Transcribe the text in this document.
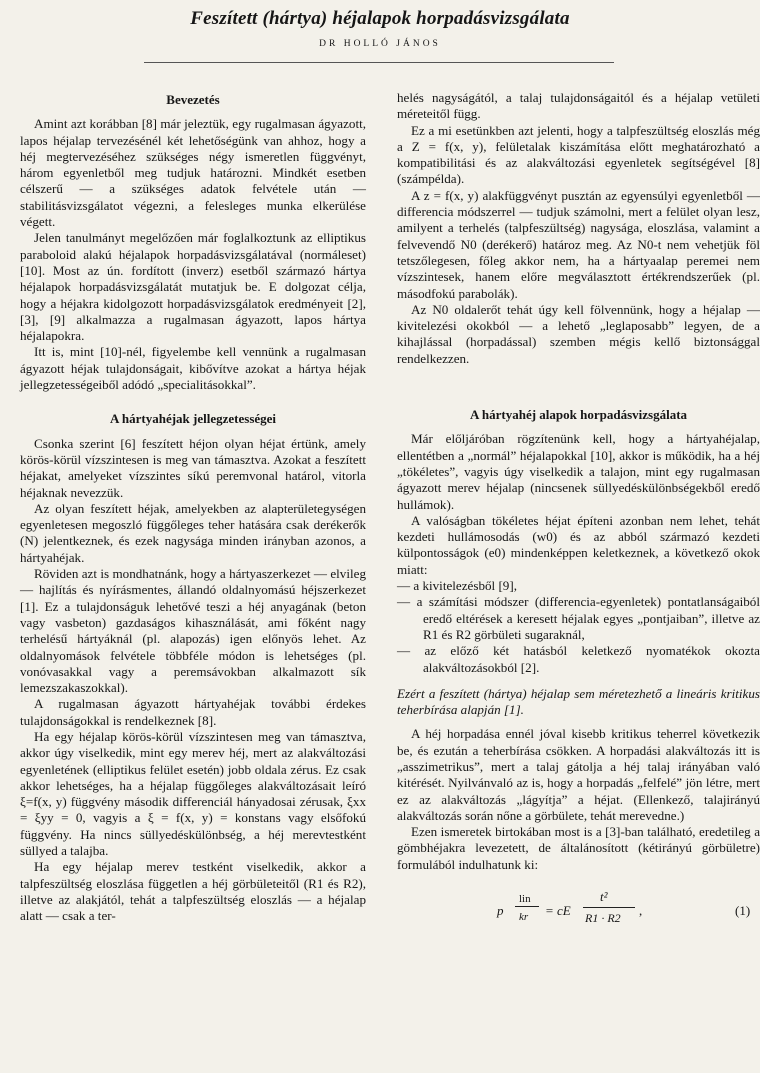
Feszített (hártya) héjalapok horpadásvizsgálata
DR HOLLÓ JÁNOS
Bevezetés

Amint azt korábban [8] már jeleztük, egy rugalmasan ágyazott, lapos héjalap tervezésénél két lehetőségünk van ahhoz, hogy a héj megtervezéséhez szükséges négy ismeretlen függvényt, három egyenletből meg tudjuk határozni. Mindkét esetben célszerű — a szükséges adatok felvétele után — stabilitásvizsgálatot végezni, a felesleges munka elkerülése végett.

Jelen tanulmányt megelőzően már foglalkoztunk az elliptikus paraboloid alakú héjalapok horpadásvizsgálatával (normáleset) [10]. Most az ún. fordított (inverz) esetből származó hártya héjalapok horpadásvizsgálatát mutatjuk be. E dolgozat célja, hogy a héjakra kidolgozott horpadásvizsgálatok eredményeit [2], [3], [9] alkalmazza a rugalmasan ágyazott, lapos hártya héjalapokra.

Itt is, mint [10]-nél, figyelembe kell vennünk a rugalmasan ágyazott héjak tulajdonságait, kibővítve azokat a hártya héjak jellegzetességeiből adódó „specialitásokkal”.

A hártyahéjak jellegzetességei

Csonka szerint [6] feszített héjon olyan héjat értünk, amely körös-körül vízszintesen is meg van támasztva. Azokat a feszített héjakat, amelyeket vízszintes síkú peremvonal határol, vitorla héjaknak nevezzük.

Az olyan feszített héjak, amelyekben az alapterületegységen egyenletesen megoszló függőleges teher hatására csak derékerők (N) jelentkeznek, és ezek nagysága minden irányban azonos, a hártyahéjak.

Röviden azt is mondhatnánk, hogy a hártyaszerkezet — elvileg — hajlítás és nyírásmentes, állandó oldalnyomású héjszerkezet [1]. Ez a tulajdonságuk lehetővé teszi a héj anyagának (beton vagy vasbeton) gazdaságos kihasználását, ami főként nagy terhelésű hártyáknál (pl. alapozás) igen előnyös lehet. Az oldalnyomások felvétele többféle módon is lehetséges (pl. vonóvasakkal vagy a peremsávokban alkalmazott sík lemezszakaszokkal).

A rugalmasan ágyazott hártyahéjak további érdekes tulajdonságokkal is rendelkeznek [8].

Ha egy héjalap körös-körül vízszintesen meg van támasztva, akkor úgy viselkedik, mint egy merev héj, mert az alakváltozási egyenletének (elliptikus felület esetén) jobb oldala zérus. Ez csak akkor lehetséges, ha a héjalap függőleges alakváltozásait leíró ξ=f(x, y) függvény második differenciál hányadosai zérusak, ξxx = ξyy = 0, vagyis a ξ = f(x, y) = konstans vagy elsőfokú függvény. Ha nincs süllyedéskülönbség, a héj merevtestként süllyed a talajba.

Ha egy héjalap merev testként viselkedik, akkor a talpfeszültség eloszlása független a héj görbületeitől (R1 és R2), illetve az alakjától, tehát a talpfeszültség eloszlás — a héjalap alatt — csak a ter-

helés nagyságától, a talaj tulajdonságaitól és a héjalap vetületi méreteitől függ.

Ez a mi esetünkben azt jelenti, hogy a talpfeszültség eloszlás még a Z = f(x, y), felületalak kiszámítása előtt meghatározható a kompatibilitási és az alakváltozási egyenletek segítségével [8] (számpélda).

A z = f(x, y) alakfüggvényt pusztán az egyensúlyi egyenletből — differencia módszerrel — tudjuk számolni, mert a felület olyan lesz, amilyent a terhelés (talpfeszültség) nagysága, eloszlása, valamint a felvevendő N0 (derékerő) határoz meg. Az N0-t nem vehetjük föl tetszőlegesen, főleg akkor nem, ha a hártyaalap peremei nem vízszintesek, hanem előre megválasztott értékrendszerűek (pl. másodfokú parabolák).

Az N0 oldalerőt tehát úgy kell fölvennünk, hogy a héjalap — kivitelezési okokból — a lehető „leglaposabb” legyen, de a kihajlással (horpadással) szemben mégis kellő biztonsággal rendelkezzen.

A hártyahéj alapok horpadásvizsgálata

Már előljáróban rögzítenünk kell, hogy a hártyahéjalap, ellentétben a „normál” héjalapokkal [10], akkor is működik, ha a héj „tökéletes”, vagyis úgy viselkedik a talajon, mint egy rugalmasan ágyazott merev héjalap (nincsenek süllyedéskülönbségekből eredő hullámok).

A valóságban tökéletes héjat építeni azonban nem lehet, tehát kezdeti hullámosodás (w0) és az abból származó kezdeti külpontosságok (e0) mindenképpen keletkeznek, a következő okok miatt:

— a kivitelezésből [9],
— a számítási módszer (differencia-egyenletek) pontatlanságaiból eredő eltérések a keresett héjalak egyes „pontjaiban”, illetve az R1 és R2 görbületi sugaraknál,
— az előző két hatásból keletkező nyomatékok okozta alakváltozásokból [2].

Ezért a feszített (hártya) héjalap sem méretezhető a lineáris kritikus teherbírása alapján [1].

A héj horpadása ennél jóval kisebb kritikus teherrel következik be, és ezután a teherbírása csökken. A horpadási alakváltozás itt is „asszimetrikus”, mert a talaj gátolja a héj talaj irányában való kitérését. Nyilvánvaló az is, hogy a horpadás „felfelé” jön létre, mert ez az alakváltozás „lágyítja” a héjat. (Ellenkező, talajirányú alakváltozás során nőne a görbülete, tehát merevedne.)

Ezen ismeretek birtokában most is a [3]-ban található, eredetileg a gömbhéjakra levezetett, de általánosított (kétirányú görbületre) formulából indulhatunk ki:

p
lin
kr = cE
t²
R1 · R2 ,	(1)
